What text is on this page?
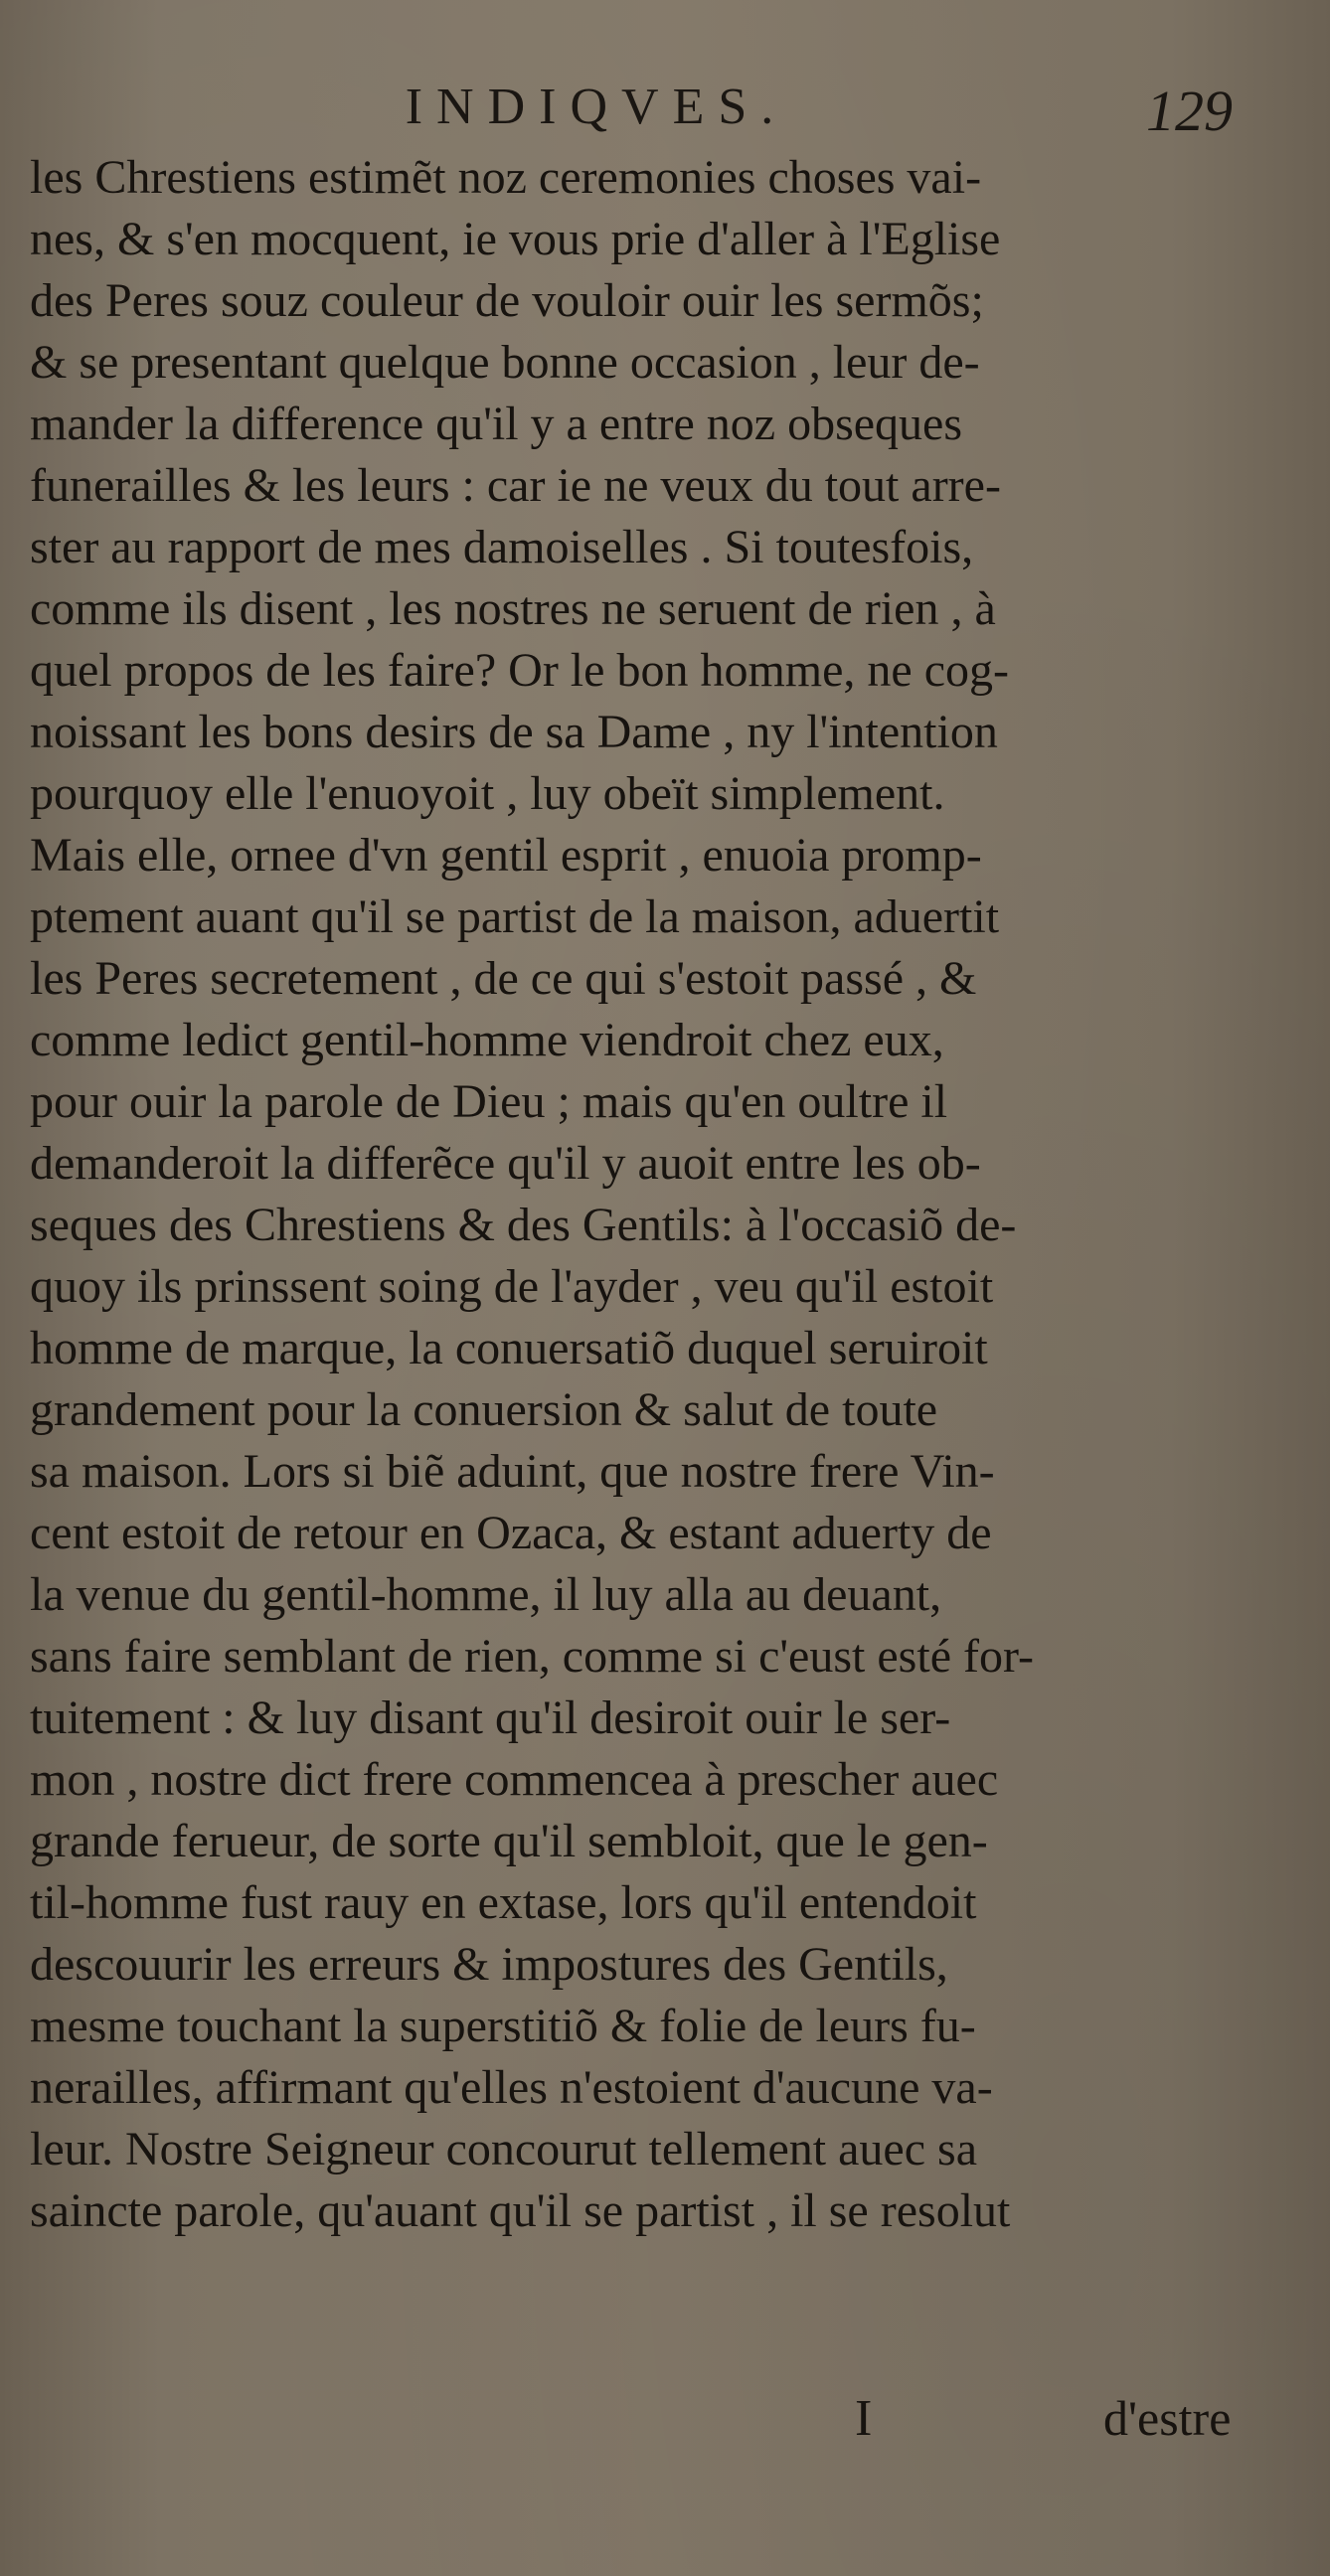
INDIQVES.	129
les Chrestiens estimẽt noz ceremonies choses vai-
nes, & s'en mocquent, ie vous prie d'aller à l'Eglise
des Peres souz couleur de vouloir ouir les sermõs;
& se presentant quelque bonne occasion , leur de-
mander la difference qu'il y a entre noz obseques
funerailles & les leurs : car ie ne veux du tout arre-
ster au rapport de mes damoiselles . Si toutesfois,
comme ils disent , les nostres ne seruent de rien , à
quel propos de les faire? Or le bon homme, ne cog-
noissant les bons desirs de sa Dame , ny l'intention
pourquoy elle l'enuoyoit , luy obeït simplement.
Mais elle, ornee d'vn gentil esprit , enuoia promp-
ptement auant qu'il se partist de la maison, aduertit
les Peres secretement , de ce qui s'estoit passé , &
comme ledict gentil-homme viendroit chez eux,
pour ouir la parole de Dieu ; mais qu'en oultre il
demanderoit la differẽce qu'il y auoit entre les ob-
seques des Chrestiens & des Gentils: à l'occasiõ de-
quoy ils prinssent soing de l'ayder , veu qu'il estoit
homme de marque, la conuersatiõ duquel seruiroit
grandement pour la conuersion & salut de toute
sa maison. Lors si biẽ aduint, que nostre frere Vin-
cent estoit de retour en Ozaca, & estant aduerty de
la venue du gentil-homme, il luy alla au deuant,
sans faire semblant de rien, comme si c'eust esté for-
tuitement : & luy disant qu'il desiroit ouir le ser-
mon , nostre dict frere commencea à prescher auec
grande ferueur, de sorte qu'il sembloit, que le gen-
til-homme fust rauy en extase, lors qu'il entendoit
descouurir les erreurs & impostures des Gentils,
mesme touchant la superstitiõ & folie de leurs fu-
nerailles, affirmant qu'elles n'estoient d'aucune va-
leur. Nostre Seigneur concourut tellement auec sa
saincte parole, qu'auant qu'il se partist , il se resolut
I	d'estre
